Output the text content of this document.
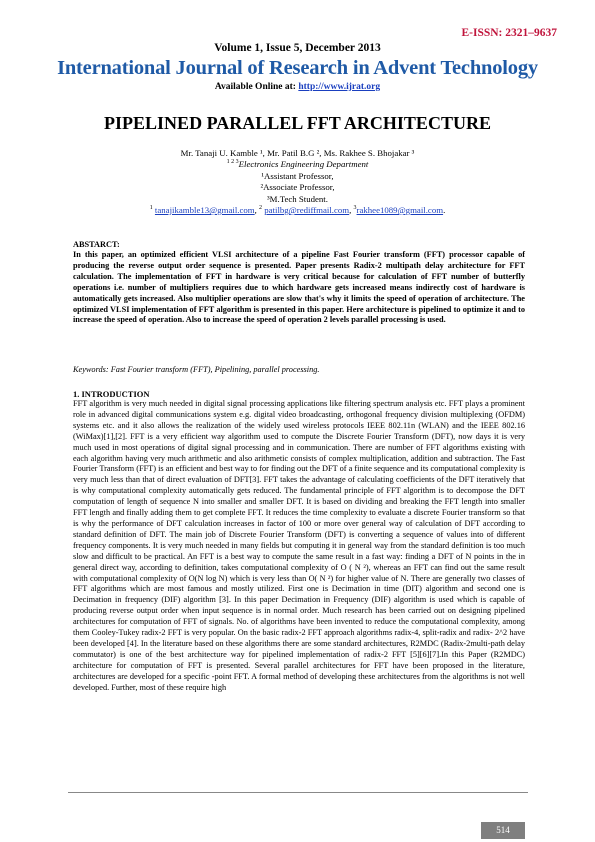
E-ISSN: 2321–9637
Volume 1, Issue 5, December 2013
International Journal of Research in Advent Technology
Available Online at: http://www.ijrat.org
PIPELINED PARALLEL FFT ARCHITECTURE
Mr. Tanaji U. Kamble ¹, Mr. Patil B.G ², Ms. Rakhee S. Bhojakar ³
$^{1 2 3}$Electronics Engineering Department
¹Assistant Professor,
²Associate Professor,
³M.Tech Student.
$^1$ tanajikamble13@gmail.com, $^2$ patilbg@rediffmail.com, $^3$rakhee1089@gmail.com.
ABSTARCT:
In this paper, an optimized efficient VLSI architecture of a pipeline Fast Fourier transform (FFT) processor capable of producing the reverse output order sequence is presented. Paper presents Radix-2 multipath delay architecture for FFT calculation. The implementation of FFT in hardware is very critical because for calculation of FFT number of butterfly operations i.e. number of multipliers requires due to which hardware gets increased means indirectly cost of hardware is automatically gets increased. Also multiplier operations are slow that's why it limits the speed of operation of architecture. The optimized VLSI implementation of FFT algorithm is presented in this paper. Here architecture is pipelined to optimize it and to increase the speed of operation. Also to increase the speed of operation 2 levels parallel processing is used.
Keywords: Fast Fourier transform (FFT), Pipelining, parallel processing.
1. INTRODUCTION

FFT algorithm is very much needed in digital signal processing applications like filtering spectrum analysis etc. FFT plays a prominent role in advanced digital communications system e.g. digital video broadcasting, orthogonal frequency division multiplexing (OFDM) systems etc. and it also allows the realization of the widely used wireless protocols IEEE 802.11n (WLAN) and the IEEE 802.16 (WiMax)[1],[2]. FFT is a very efficient way algorithm used to compute the Discrete Fourier Transform (DFT), now days it is very much used in most operations of digital signal processing and in communication. There are number of FFT algorithms existing with each algorithm having very much arithmetic and also arithmetic consists of complex multiplication, addition and subtraction. The Fast Fourier Transform (FFT) is an efficient and best way to for finding out the DFT of a finite sequence and its computational complexity is very much less than that of direct evaluation of DFT[3]. FFT takes the advantage of calculating coefficients of the DFT iteratively that is why computational complexity automatically gets reduced. The fundamental principle of FFT algorithm is to decompose the DFT computation of length of sequence N into smaller and smaller DFT. It is based on dividing and breaking the FFT length into smaller FFT length and finally adding them to get complete FFT. It reduces the time complexity to evaluate a discrete Fourier transform so that is why the performance of DFT calculation increases in factor of 100 or more over general way of calculation of DFT according to standard definition of DFT. The main job of Discrete Fourier Transform (DFT) is converting a sequence of values into of different frequency components. It is very much needed in many fields but computing it in general way from the standard definition is too much slow and difficult to be practical. An FFT is a best way to compute the same result in a fast way: finding a DFT of N points in the in general direct way, according to definition, takes computational complexity of O ( N ²), whereas an FFT can find out the same result with computational complexity of O(N log N) which is very less than O( N ²) for higher value of N. There are generally two classes of FFT algorithms which are most famous and mostly utilized. First one is Decimation in time (DIT) algorithm and second one is Decimation in frequency (DIF) algorithm [3]. In this paper Decimation in Frequency (DIF) algorithm is used which is capable of producing reverse output order when input sequence is in normal order. Much research has been carried out on designing pipelined architectures for computation of FFT of signals. No. of algorithms have been invented to reduce the computational complexity, among them Cooley-Tukey radix-2 FFT is very popular. On the basic radix-2 FFT approach algorithms radix-4, split-radix and radix- 2^2 have been developed [4]. In the literature based on these algorithms there are some standard architectures, R2MDC (Radix-2multi-path delay commutator) is one of the best architecture way for pipelined implementation of radix-2 FFT [5][6][7].In this Paper (R2MDC) architecture for computation of FFT is presented. Several parallel architectures for FFT have been proposed in the literature, architectures are developed for a specific -point FFT. A formal method of developing these architectures from the algorithms is not well developed. Further, most of these require high

514
